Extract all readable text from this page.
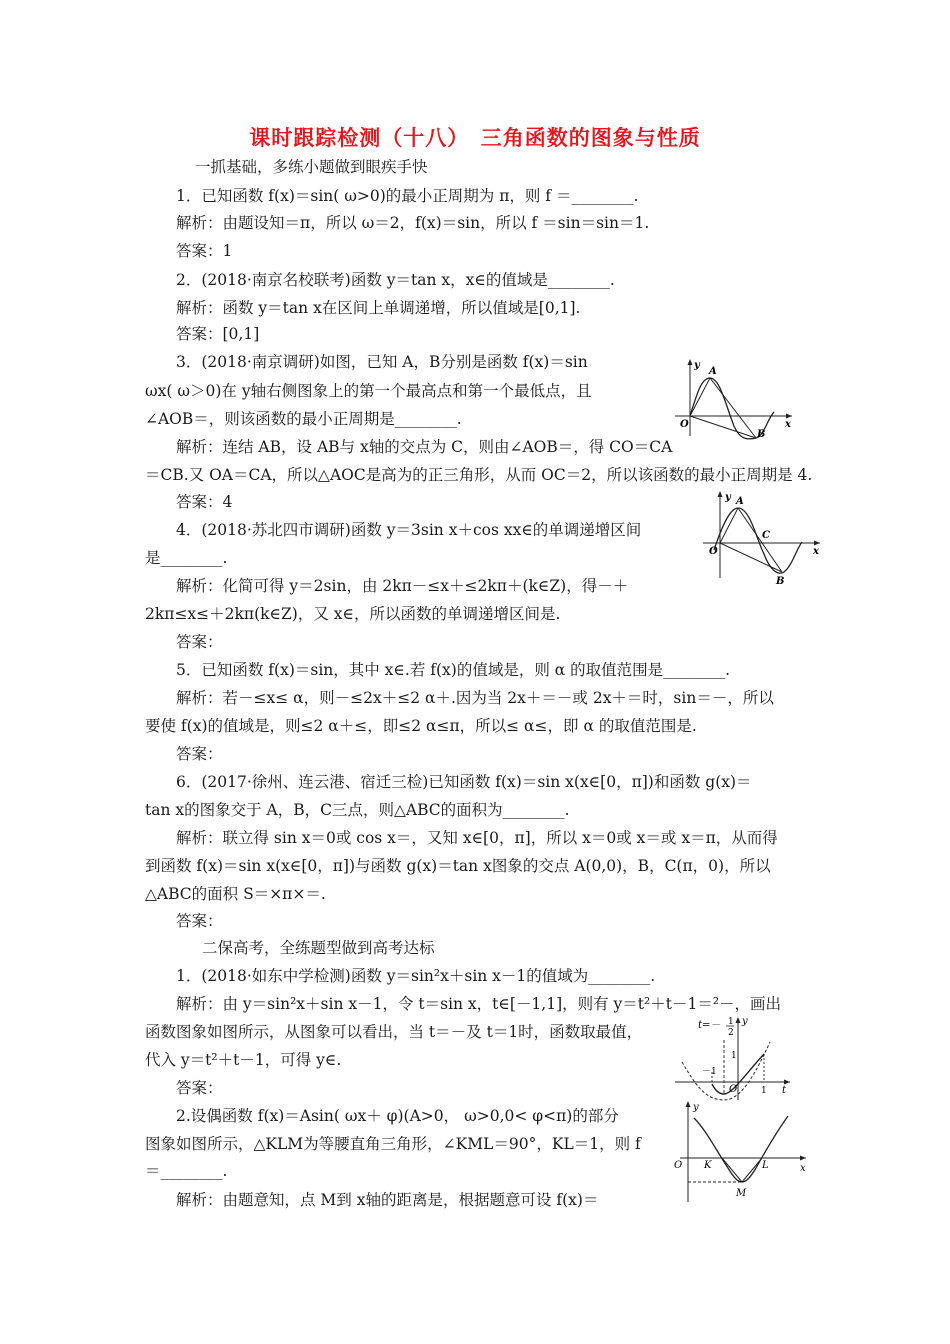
课时跟踪检测（十八）　三角函数的图象与性质
一抓基础，多练小题做到眼疾手快
1．已知函数 f(x)＝sin( ω>0)的最小正周期为 π，则 f ＝________.
解析：由题设知＝π，所以 ω＝2，f(x)＝sin，所以 f ＝sin＝sin＝1.
答案：1
2．(2018·南京名校联考)函数 y＝tan x，x∈的值域是________.
解析：函数 y＝tan x在区间上单调递增，所以值域是[0,1].
答案：[0,1]
3．(2018·南京调研)如图，已知 A，B分别是函数 f(x)＝sin
ωx( ω＞0)在 y轴右侧图象上的第一个最高点和第一个最低点，且
∠AOB＝，则该函数的最小正周期是________.
解析：连结 AB，设 AB与 x轴的交点为 C，则由∠AOB＝，得 CO＝CA
＝CB.又 OA＝CA，所以△AOC是高为的正三角形，从而 OC＝2，所以该函数的最小正周期是 4.
答案：4
4．(2018·苏北四市调研)函数 y＝3sin x＋cos xx∈的单调递增区间
是________.
解析：化简可得 y＝2sin，由 2kπ－≤x＋≤2kπ＋(k∈Z)，得－＋
2kπ≤x≤＋2kπ(k∈Z)，又 x∈，所以函数的单调递增区间是.
答案：
5．已知函数 f(x)＝sin，其中 x∈.若 f(x)的值域是，则 α 的取值范围是________.
解析：若－≤x≤ α，则－≤2x＋≤2 α＋.因为当 2x＋＝－或 2x＋＝时，sin＝－，所以
要使 f(x)的值域是，则≤2 α＋≤，即≤2 α≤π，所以≤ α≤，即 α 的取值范围是.
答案：
6．(2017·徐州、连云港、宿迁三检)已知函数 f(x)＝sin x(x∈[0，π])和函数 g(x)＝
tan x的图象交于 A，B，C三点，则△ABC的面积为________.
解析：联立得 sin x＝0或 cos x＝，又知 x∈[0，π]，所以 x＝0或 x＝或 x＝π，从而得
到函数 f(x)＝sin x(x∈[0，π])与函数 g(x)＝tan x图象的交点 A(0,0)，B，C(π，0)，所以
△ABC的面积 S＝×π×＝.
答案：
二保高考，全练题型做到高考达标
1．(2018·如东中学检测)函数 y＝sin²x＋sin x－1的值域为________.
解析：由 y＝sin²x＋sin x－1，令 t＝sin x，t∈[－1,1]，则有 y＝t²＋t－1＝²－，画出
函数图象如图所示，从图象可以看出，当 t＝－及 t＝1时，函数取最值，
代入 y＝t²＋t－1，可得 y∈.
答案：
2.设偶函数 f(x)＝Asin( ωx＋ φ)(A>0， ω>0,0< φ<π)的部分
图象如图所示，△KLM为等腰直角三角形，∠KML＝90°，KL＝1，则 f
＝________.
解析：由题意知，点 M到 x轴的距离是，根据题意可设 f(x)＝
y
x
O
A
B
y
x
O
A
C
B
t=－ 1
2
y
1
－1
O	1 t
y
x
O K	L
M
